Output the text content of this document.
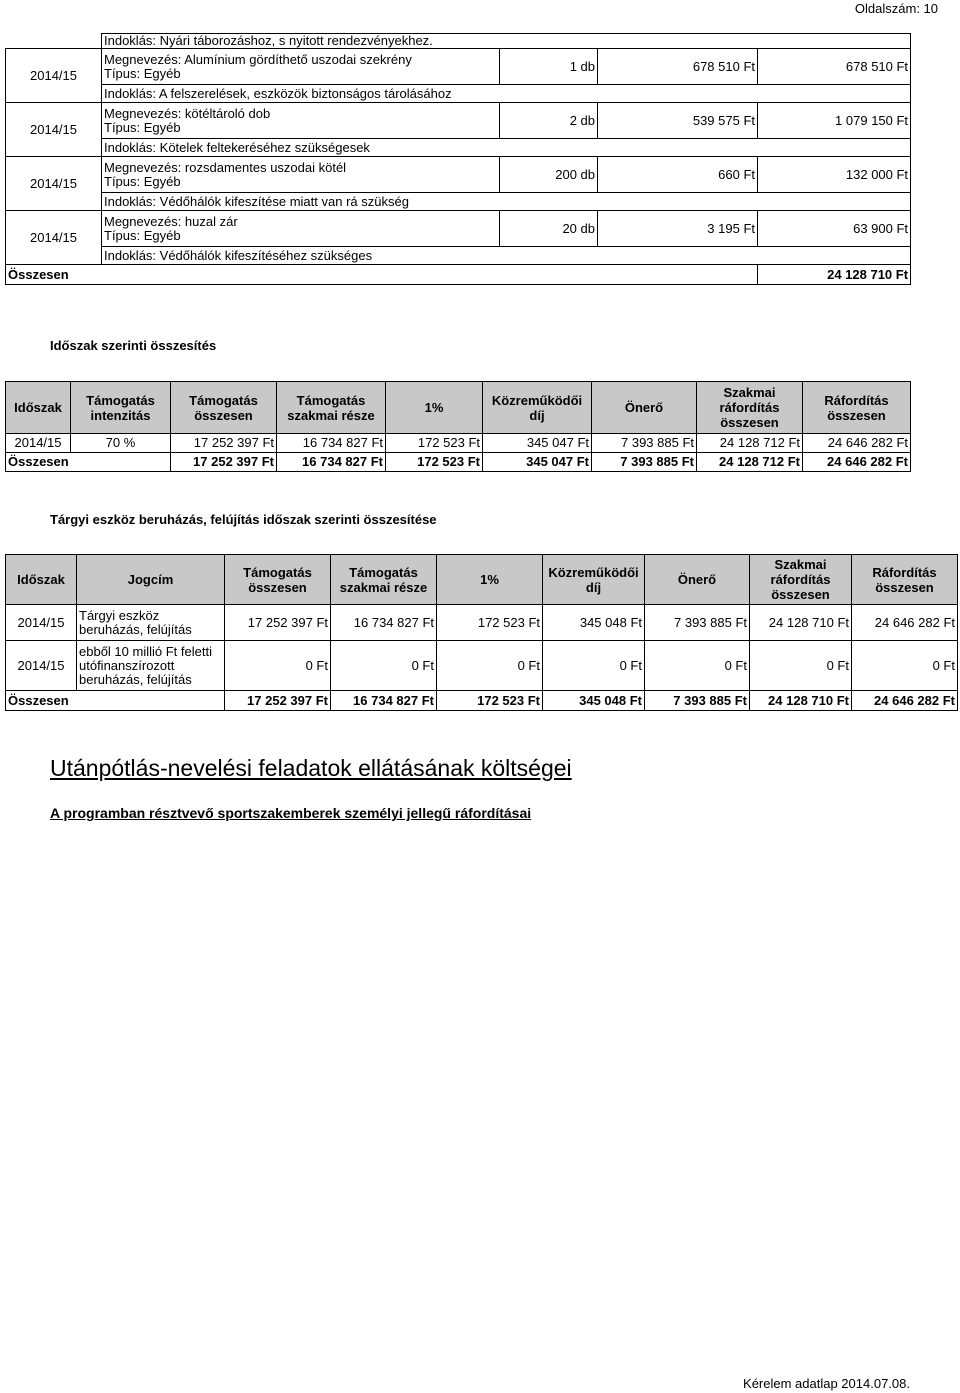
Oldalszám: 10
	Indoklás: Nyári táborozáshoz, s nyitott rendezvényekhez.			
2014/15	Megnevezés: Alumínium gördíthető uszodai szekrény
Típus: Egyéb	1 db	678 510 Ft	678 510 Ft
	Indoklás: A felszerelések, eszközök biztonságos tárolásához			
2014/15	Megnevezés: kötéltároló dob
Típus: Egyéb	2 db	539 575 Ft	1 079 150 Ft
	Indoklás: Kötelek feltekeréséhez szükségesek			
2014/15	Megnevezés: rozsdamentes uszodai kötél
Típus: Egyéb	200 db	660 Ft	132 000 Ft
	Indoklás: Védőhálók kifeszítése miatt van rá szükség			
2014/15	Megnevezés: huzal zár
Típus: Egyéb	20 db	3 195 Ft	63 900 Ft
	Indoklás: Védőhálók kifeszítéséhez szükséges			
Összesen				24 128 710 Ft
Időszak szerinti összesítés
Időszak	Támogatás intenzitás	Támogatás összesen	Támogatás szakmai része	1%	Közreműködői díj	Önerő	Szakmai ráfordítás összesen	Ráfordítás összesen
2014/15	70 %	17 252 397 Ft	16 734 827 Ft	172 523 Ft	345 047 Ft	7 393 885 Ft	24 128 712 Ft	24 646 282 Ft
Összesen		17 252 397 Ft	16 734 827 Ft	172 523 Ft	345 047 Ft	7 393 885 Ft	24 128 712 Ft	24 646 282 Ft
Tárgyi eszköz beruházás, felújítás időszak szerinti összesítése
Időszak	Jogcím	Támogatás összesen	Támogatás szakmai része	1%	Közreműködői díj	Önerő	Szakmai ráfordítás összesen	Ráfordítás összesen
2014/15	Tárgyi eszköz beruházás, felújítás	17 252 397 Ft	16 734 827 Ft	172 523 Ft	345 048 Ft	7 393 885 Ft	24 128 710 Ft	24 646 282 Ft
2014/15	ebből 10 millió Ft feletti utófinanszírozott beruházás, felújítás	0 Ft	0 Ft	0 Ft	0 Ft	0 Ft	0 Ft	0 Ft
Összesen		17 252 397 Ft	16 734 827 Ft	172 523 Ft	345 048 Ft	7 393 885 Ft	24 128 710 Ft	24 646 282 Ft
Utánpótlás-nevelési feladatok ellátásának költségei
A programban résztvevő sportszakemberek személyi jellegű ráfordításai
Kérelem adatlap 2014.07.08.
